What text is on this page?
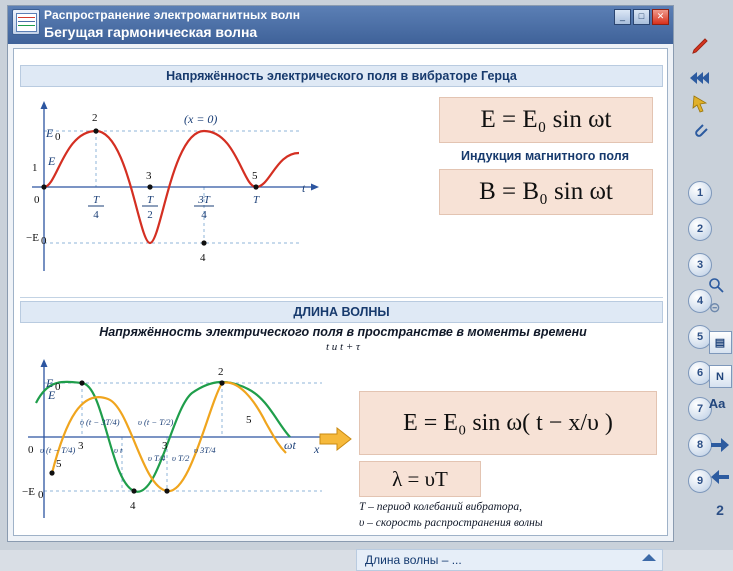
Распространение электромагнитных волн
Бегущая гармоническая волна
_	□	✕
Напряжённость электрического поля в вибраторе Герца
E
E 0
t
0
−E 0
2
1
3
4
5
(x = 0)
T
4
T
2
3T
4
T
E = E₀ sin ωt
Индукция магнитного поля
B = B₀ sin ωt
ДЛИНА ВОЛНЫ
Напряжённость электрического поля в пространстве в моменты времени
t и t + τ
E
E 0
0
−E 0
x
2
5
4
5
3	3	ωt
υ (t − 3T/4) υ (t − T/2)
υ (t − T/4)	υ t
υ T/4 υ T/2
υ 3T/4
E = E₀ sin ω( t − x/υ )
λ = υT
T – период колебаний вибратора,
υ – скорость распространения волны
Длина волны – ...
1
2
3
4
5
6
7
8
9
▤
N
Aa
2
